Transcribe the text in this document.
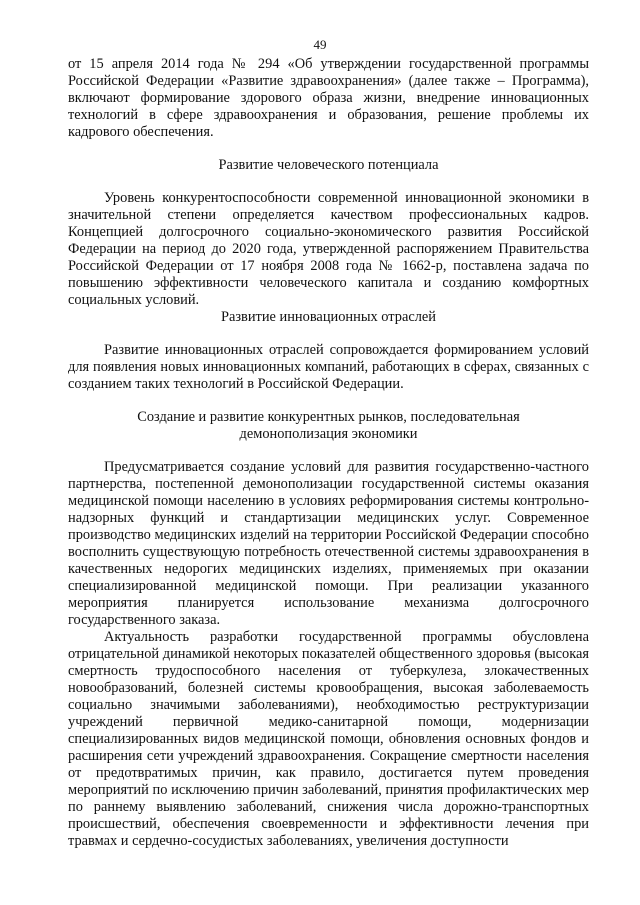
49

от 15 апреля 2014 года № 294 «Об утверждении государственной программы Российской Федерации «Развитие здравоохранения» (далее также – Программа), включают формирование здорового образа жизни, внедрение инновационных технологий в сфере здравоохранения и образования, решение проблемы их кадрового обеспечения.

Развитие человеческого потенциала

Уровень конкурентоспособности современной инновационной экономики в значительной степени определяется качеством профессиональных кадров. Концепцией долгосрочного социально-экономического развития Российской Федерации на период до 2020 года, утвержденной распоряжением Правительства Российской Федерации от 17 ноября 2008 года № 1662-р, поставлена задача по повышению эффективности человеческого капитала и созданию комфортных социальных условий.

Развитие инновационных отраслей

Развитие инновационных отраслей сопровождается формированием условий для появления новых инновационных компаний, работающих в сферах, связанных с созданием таких технологий в Российской Федерации.

Создание и развитие конкурентных рынков, последовательная

демонополизация экономики

Предусматривается создание условий для развития государственно-частного партнерства, постепенной демонополизации государственной системы оказания медицинской помощи населению в условиях реформирования системы контрольно-надзорных функций и стандартизации медицинских услуг. Современное производство медицинских изделий на территории Российской Федерации способно восполнить существующую потребность отечественной системы здравоохранения в качественных недорогих медицинских изделиях, применяемых при оказании специализированной медицинской помощи. При реализации указанного мероприятия планируется использование механизма долгосрочного государственного заказа.

Актуальность разработки государственной программы обусловлена отрицательной динамикой некоторых показателей общественного здоровья (высокая смертность трудоспособного населения от туберкулеза, злокачественных новообразований, болезней системы кровообращения, высокая заболеваемость социально значимыми заболеваниями), необходимостью реструктуризации учреждений первичной медико-санитарной помощи, модернизации специализированных видов медицинской помощи, обновления основных фондов и расширения сети учреждений здравоохранения. Сокращение смертности населения от предотвратимых причин, как правило, достигается путем проведения мероприятий по исключению причин заболеваний, принятия профилактических мер по раннему выявлению заболеваний, снижения числа дорожно-транспортных происшествий, обеспечения своевременности и эффективности лечения при травмах и сердечно-сосудистых заболеваниях, увеличения доступности
